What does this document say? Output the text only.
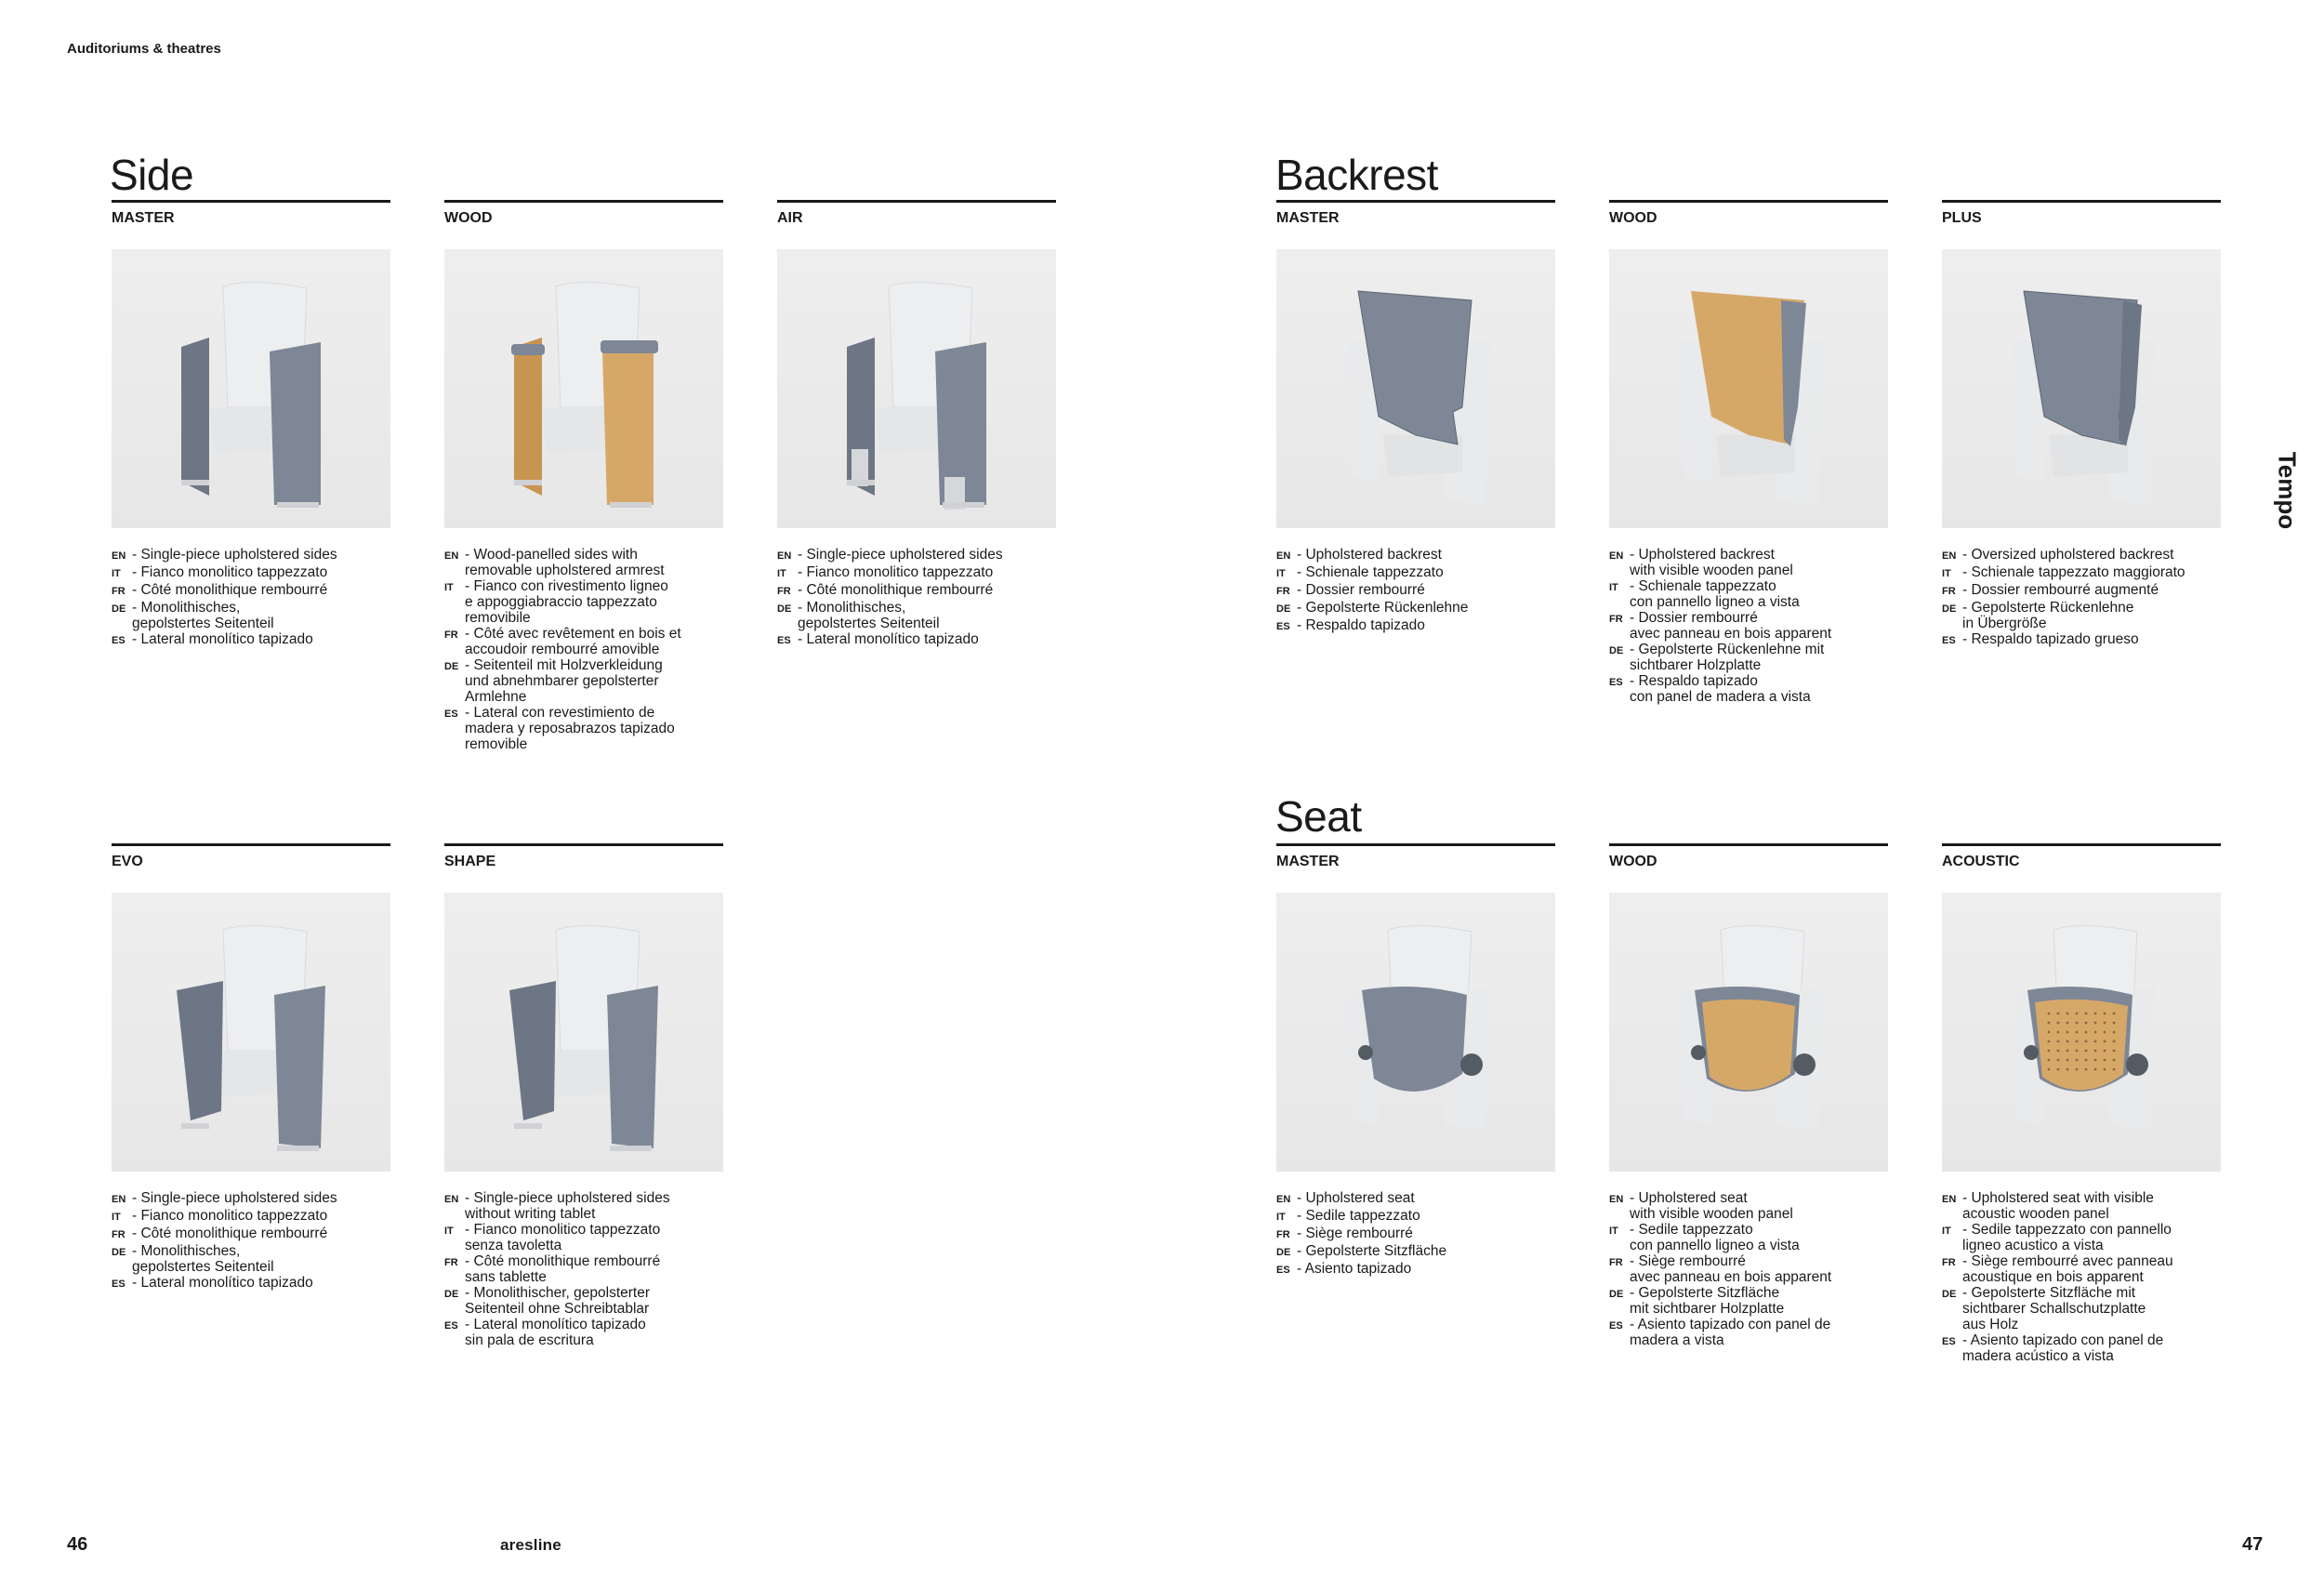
Auditoriums & theatres
Side	Backrest
Seat
Tempo
MASTER
EN - Single-piece upholstered sides
IT - Fianco monolitico tappezzato
FR - Côté monolithique rembourré
DE - Monolithisches,
gepolstertes Seitenteil
ES - Lateral monolítico tapizado
WOOD
EN - Wood-panelled sides with
removable upholstered armrest
IT - Fianco con rivestimento ligneo
e appoggiabraccio tappezzato
removibile
FR - Côté avec revêtement en bois et
accoudoir rembourré amovible
DE - Seitenteil mit Holzverkleidung
und abnehmbarer gepolsterter
Armlehne
ES - Lateral con revestimiento de
madera y reposabrazos tapizado
removible
AIR
EN - Single-piece upholstered sides
IT - Fianco monolitico tappezzato
FR - Côté monolithique rembourré
DE - Monolithisches,
gepolstertes Seitenteil
ES - Lateral monolítico tapizado
EVO
EN - Single-piece upholstered sides
IT - Fianco monolitico tappezzato
FR - Côté monolithique rembourré
DE - Monolithisches,
gepolstertes Seitenteil
ES - Lateral monolítico tapizado
SHAPE
EN - Single-piece upholstered sides
without writing tablet
IT - Fianco monolitico tappezzato
senza tavoletta
FR - Côté monolithique rembourré
sans tablette
DE - Monolithischer, gepolsterter
Seitenteil ohne Schreibtablar
ES - Lateral monolítico tapizado
sin pala de escritura
MASTER
EN - Upholstered backrest
IT - Schienale tappezzato
FR - Dossier rembourré
DE - Gepolsterte Rückenlehne
ES - Respaldo tapizado
WOOD
EN - Upholstered backrest
with visible wooden panel
IT - Schienale tappezzato
con pannello ligneo a vista
FR - Dossier rembourré
avec panneau en bois apparent
DE - Gepolsterte Rückenlehne mit
sichtbarer Holzplatte
ES - Respaldo tapizado
con panel de madera a vista
PLUS
EN - Oversized upholstered backrest
IT - Schienale tappezzato maggiorato
FR - Dossier rembourré augmenté
DE - Gepolsterte Rückenlehne
in Übergröße
ES - Respaldo tapizado grueso
MASTER
EN - Upholstered seat
IT - Sedile tappezzato
FR - Siège rembourré
DE - Gepolsterte Sitzfläche
ES - Asiento tapizado
WOOD
EN - Upholstered seat
with visible wooden panel
IT - Sedile tappezzato
con pannello ligneo a vista
FR - Siège rembourré
avec panneau en bois apparent
DE - Gepolsterte Sitzfläche
mit sichtbarer Holzplatte
ES - Asiento tapizado con panel de
madera a vista
ACOUSTIC
EN - Upholstered seat with visible
acoustic wooden panel
IT - Sedile tappezzato con pannello
ligneo acustico a vista
FR - Siège rembourré avec panneau
acoustique en bois apparent
DE - Gepolsterte Sitzfläche mit
sichtbarer Schallschutzplatte
aus Holz
ES - Asiento tapizado con panel de
madera acústico a vista
46	aresline	47
